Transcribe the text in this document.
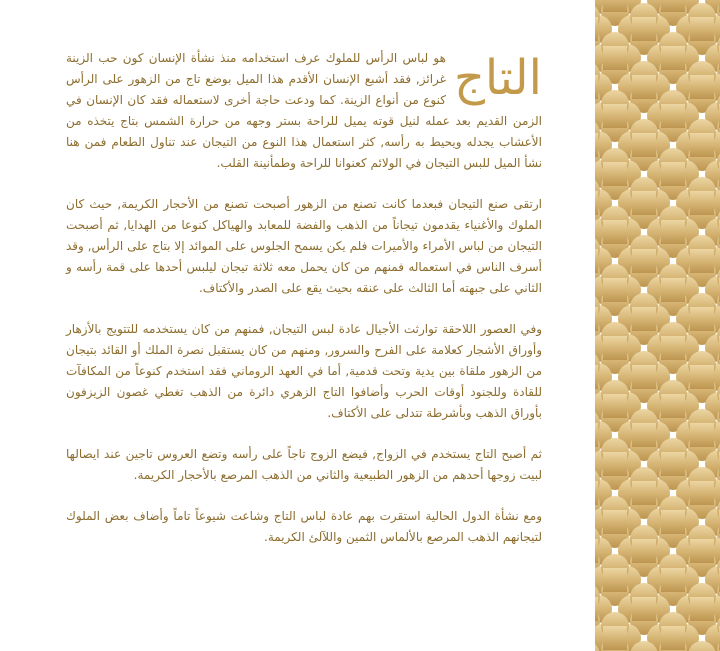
التاج

هو لباس الرأس للملوك عرف استخدامه منذ نشأة الإنسان كون حب الزينة غرائز, فقد أشبع الإنسان الأقدم هذا الميل بوضع تاج من الزهور على الرأس كنوع من أنواع الزينة. كما ودعت حاجة أخرى لاستعماله فقد كان الإنسان في الزمن القديم بعد عمله لنيل قوته يميل للراحة بستر وجهه من حرارة الشمس بتاج يتخذه من الأعشاب يجدله ويحيط به رأسه, كثر استعمال هذا النوع من التيجان عند تناول الطعام فمن هنا نشأ الميل للبس التيجان في الولائم كعنوانا للراحة وطمأنينة القلب.

ارتقى صنع التيجان فبعدما كانت تصنع من الزهور أصبحت تصنع من الأحجار الكريمة, حيث كان الملوك والأغنياء يقدمون تيجاناً من الذهب والفضة للمعابد والهياكل كنوعا من الهدايا, ثم أصبحت التيجان من لباس الأمراء والأميرات فلم يكن يسمح الجلوس على الموائد إلا بتاج على الرأس, وقد أسرف الناس في استعماله فمنهم من كان يحمل معه ثلاثة تيجان ليلبس أحدها على قمة رأسه و الثاني على جبهته أما الثالث على عنقه بحيث يقع على الصدر والأكتاف.

وفي العصور اللاحقة توارثت الأجيال عادة لبس التيجان, فمنهم من كان يستخدمه للتتويج بالأزهار وأوراق الأشجار كعلامة على الفرح والسرور, ومنهم من كان يستقبل نصرة الملك أو القائد بتيجان من الزهور ملقاة بين يدية وتحت قدمية, أما في العهد الروماني فقد استخدم كنوعاً من المكافآت للقادة وللجنود أوقات الحرب وأضافوا التاج الزهري دائرة من الذهب تغطي غصون الزيزفون بأوراق الذهب وبأشرطة تتدلى على الأكتاف.

ثم أصبح التاج يستخدم في الزواج, فيضع الزوج تاجاً على رأسه وتضع العروس تاجين عند ايصالها لبيت زوجها أحدهم من الزهور الطبيعية والثاني من الذهب المرصع بالأحجار الكريمة.

ومع نشأة الدول الحالية استقرت بهم عادة لباس التاج وشاعت شيوعاً تاماً وأضاف بعض الملوك لتيجانهم الذهب المرصع بالألماس الثمين واللآلئ الكريمة.
